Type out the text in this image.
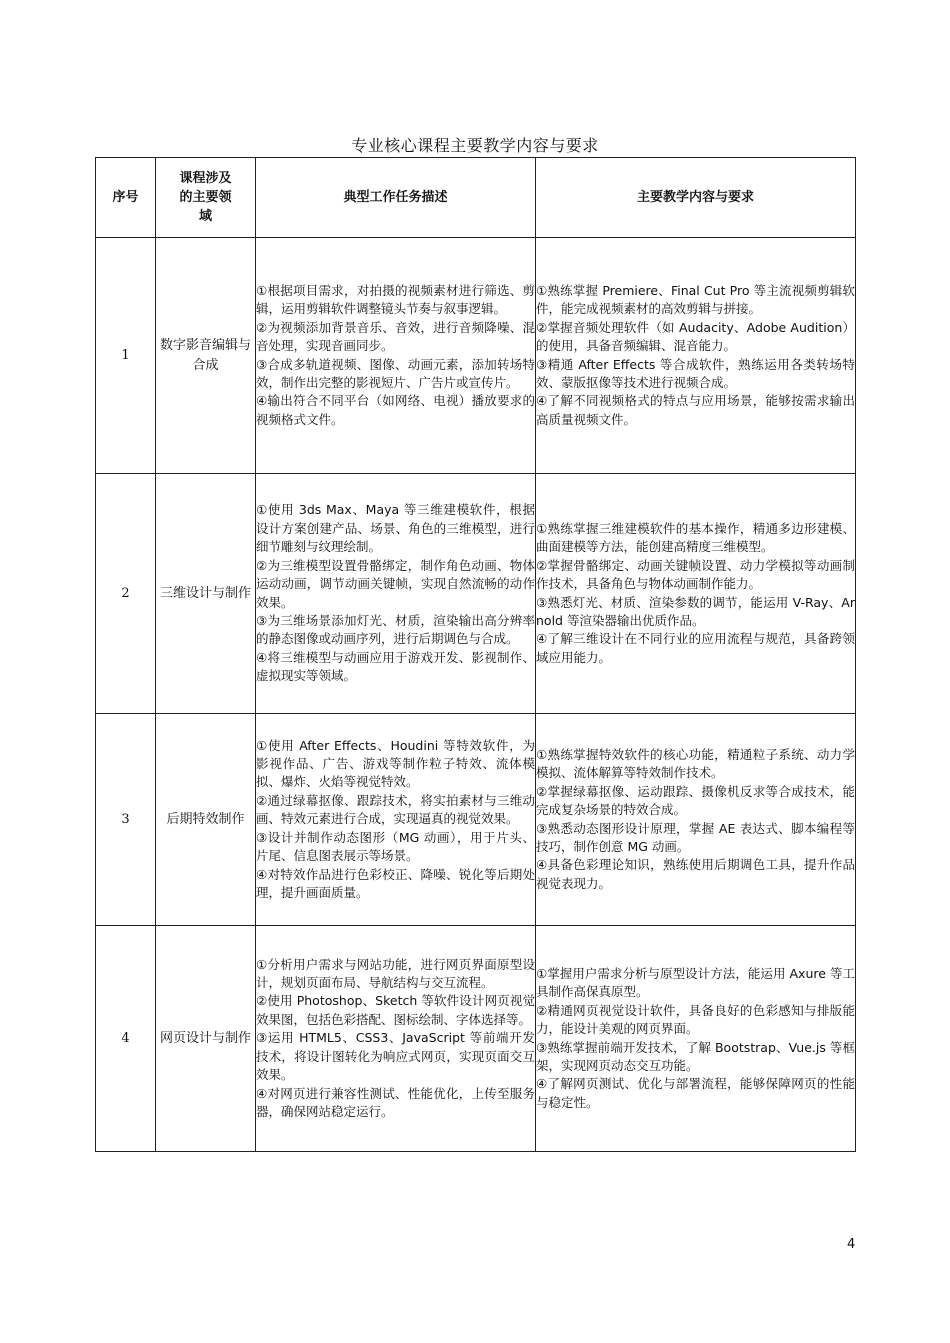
专业核心课程主要教学内容与要求
序号	课程涉及的主要领域	典型工作任务描述	主要教学内容与要求
1	数字影音编辑与合成	①根据项目需求，对拍摄的视频素材进行筛选、剪辑，运用剪辑软件调整镜头节奏与叙事逻辑。
②为视频添加背景音乐、音效，进行音频降噪、混音处理，实现音画同步。
③合成多轨道视频、图像、动画元素，添加转场特效，制作出完整的影视短片、广告片或宣传片。
④输出符合不同平台（如网络、电视）播放要求的视频格式文件。	①熟练掌握 Premiere、Final Cut Pro 等主流视频剪辑软件，能完成视频素材的高效剪辑与拼接。
②掌握音频处理软件（如 Audacity、Adobe Audition）的使用，具备音频编辑、混音能力。
③精通 After Effects 等合成软件，熟练运用各类转场特效、蒙版抠像等技术进行视频合成。
④了解不同视频格式的特点与应用场景，能够按需求输出高质量视频文件。

2	三维设计与制作	①使用 3ds Max、Maya 等三维建模软件，根据设计方案创建产品、场景、角色的三维模型，进行细节雕刻与纹理绘制。
②为三维模型设置骨骼绑定，制作角色动画、物体运动动画，调节动画关键帧，实现自然流畅的动作效果。
③为三维场景添加灯光、材质，渲染输出高分辨率的静态图像或动画序列，进行后期调色与合成。
④将三维模型与动画应用于游戏开发、影视制作、虚拟现实等领域。	①熟练掌握三维建模软件的基本操作，精通多边形建模、曲面建模等方法，能创建高精度三维模型。
②掌握骨骼绑定、动画关键帧设置、动力学模拟等动画制作技术，具备角色与物体动画制作能力。
③熟悉灯光、材质、渲染参数的调节，能运用 V-Ray、Arnold 等渲染器输出优质作品。
④了解三维设计在不同行业的应用流程与规范，具备跨领域应用能力。

3	后期特效制作	①使用 After Effects、Houdini 等特效软件，为影视作品、广告、游戏等制作粒子特效、流体模拟、爆炸、火焰等视觉特效。
②通过绿幕抠像、跟踪技术，将实拍素材与三维动画、特效元素进行合成，实现逼真的视觉效果。
③设计并制作动态图形（MG 动画），用于片头、片尾、信息图表展示等场景。
④对特效作品进行色彩校正、降噪、锐化等后期处理，提升画面质量。	①熟练掌握特效软件的核心功能，精通粒子系统、动力学模拟、流体解算等特效制作技术。
②掌握绿幕抠像、运动跟踪、摄像机反求等合成技术，能完成复杂场景的特效合成。
③熟悉动态图形设计原理，掌握 AE 表达式、脚本编程等技巧，制作创意 MG 动画。
④具备色彩理论知识，熟练使用后期调色工具，提升作品视觉表现力。

4	网页设计与制作	①分析用户需求与网站功能，进行网页界面原型设计，规划页面布局、导航结构与交互流程。
②使用 Photoshop、Sketch 等软件设计网页视觉效果图，包括色彩搭配、图标绘制、字体选择等。
③运用 HTML5、CSS3、JavaScript 等前端开发技术，将设计图转化为响应式网页，实现页面交互效果。
④对网页进行兼容性测试、性能优化，上传至服务器，确保网站稳定运行。	①掌握用户需求分析与原型设计方法，能运用 Axure 等工具制作高保真原型。
②精通网页视觉设计软件，具备良好的色彩感知与排版能力，能设计美观的网页界面。
③熟练掌握前端开发技术，了解 Bootstrap、Vue.js 等框架，实现网页动态交互功能。
④了解网页测试、优化与部署流程，能够保障网页的性能与稳定性。
4
